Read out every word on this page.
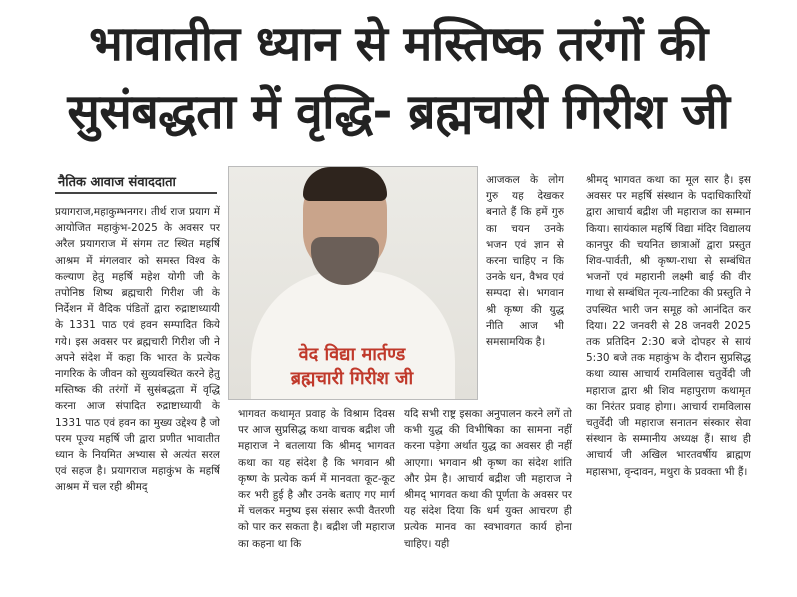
भावातीत ध्यान से मस्तिष्क तरंगों की
सुसंबद्धता में वृद्धि- ब्रह्मचारी गिरीश जी
नैतिक आवाज संवाददाता
प्रयागराज,महाकुम्भनगर। तीर्थ राज प्रयाग में आयोजित महाकुंभ-2025 के अवसर पर अरैल प्रयागराज में संगम तट स्थित महर्षि आश्रम में मंगलवार को समस्त विश्व के कल्याण हेतु महर्षि महेश योगी जी के तपोनिष्ठ शिष्य ब्रह्मचारी गिरीश जी के निर्देशन में वैदिक पंडितों द्वारा रुद्राष्टाध्यायी के 1331 पाठ एवं हवन सम्पादित किये गये। इस अवसर पर ब्रह्मचारी गिरीश जी ने अपने संदेश में कहा कि भारत के प्रत्येक नागरिक के जीवन को सुव्यवस्थित करने हेतु मस्तिष्क की तरंगों में सुसंबद्धता में वृद्धि करना आज संपादित रुद्राष्टाध्यायी के 1331 पाठ एवं हवन का मुख्य उद्देश्य है जो परम पूज्य महर्षि जी द्वारा प्रणीत भावातीत ध्यान के नियमित अभ्यास से अत्यंत सरल एवं सहज है। प्रयागराज महाकुंभ के महर्षि आश्रम में चल रही श्रीमद्
वेद विद्या मार्तण्ड
ब्रह्मचारी गिरीश जी
आजकल के लोग गुरु यह देखकर बनाते हैं कि हमें गुरु का चयन उनके भजन एवं ज्ञान से करना चाहिए न कि उनके धन, वैभव एवं सम्पदा से। भगवान श्री कृष्ण की युद्ध नीति आज भी समसामयिक है।
भागवत कथामृत प्रवाह के विश्राम दिवस पर आज सुप्रसिद्ध कथा वाचक बद्रीश जी महाराज ने बतलाया कि श्रीमद् भागवत कथा का यह संदेश है कि भगवान श्री कृष्ण के प्रत्येक कर्म में मानवता कूट-कूट कर भरी हुई है और उनके बताए गए मार्ग में चलकर मनुष्य इस संसार रूपी वैतरणी को पार कर सकता है। बद्रीश जी महाराज का कहना था कि
यदि सभी राष्ट्र इसका अनुपालन करने लगें तो कभी युद्ध की विभीषिका का सामना नहीं करना पड़ेगा अर्थात युद्ध का अवसर ही नहीं आएगा। भगवान श्री कृष्ण का संदेश शांति और प्रेम है। आचार्य बद्रीश जी महाराज ने श्रीमद् भागवत कथा की पूर्णता के अवसर पर यह संदेश दिया कि धर्म युक्त आचरण ही प्रत्येक मानव का स्वभावगत कार्य होना चाहिए। यही
श्रीमद् भागवत कथा का मूल सार है। इस अवसर पर महर्षि संस्थान के पदाधिकारियों द्वारा आचार्य बद्रीश जी महाराज का सम्मान किया। सायंकाल महर्षि विद्या मंदिर विद्यालय कानपुर की चयनित छात्राओं द्वारा प्रस्तुत शिव-पार्वती, श्री कृष्ण-राधा से सम्बंधित भजनों एवं महारानी लक्ष्मी बाई की वीर गाथा से सम्बंधित नृत्य-नाटिका की प्रस्तुति ने उपस्थित भारी जन समूह को आनंदित कर दिया। 22 जनवरी से 28 जनवरी 2025 तक प्रतिदिन 2:30 बजे दोपहर से सायं 5:30 बजे तक महाकुंभ के दौरान सुप्रसिद्ध कथा व्यास आचार्य रामविलास चतुर्वेदी जी महाराज द्वारा श्री शिव महापुराण कथामृत का निरंतर प्रवाह होगा। आचार्य रामविलास चतुर्वेदी जी महाराज सनातन संस्कार सेवा संस्थान के सम्मानीय अध्यक्ष हैं। साथ ही आचार्य जी अखिल भारतवर्षीय ब्राह्मण महासभा, वृन्दावन, मथुरा के प्रवक्ता भी हैं।
